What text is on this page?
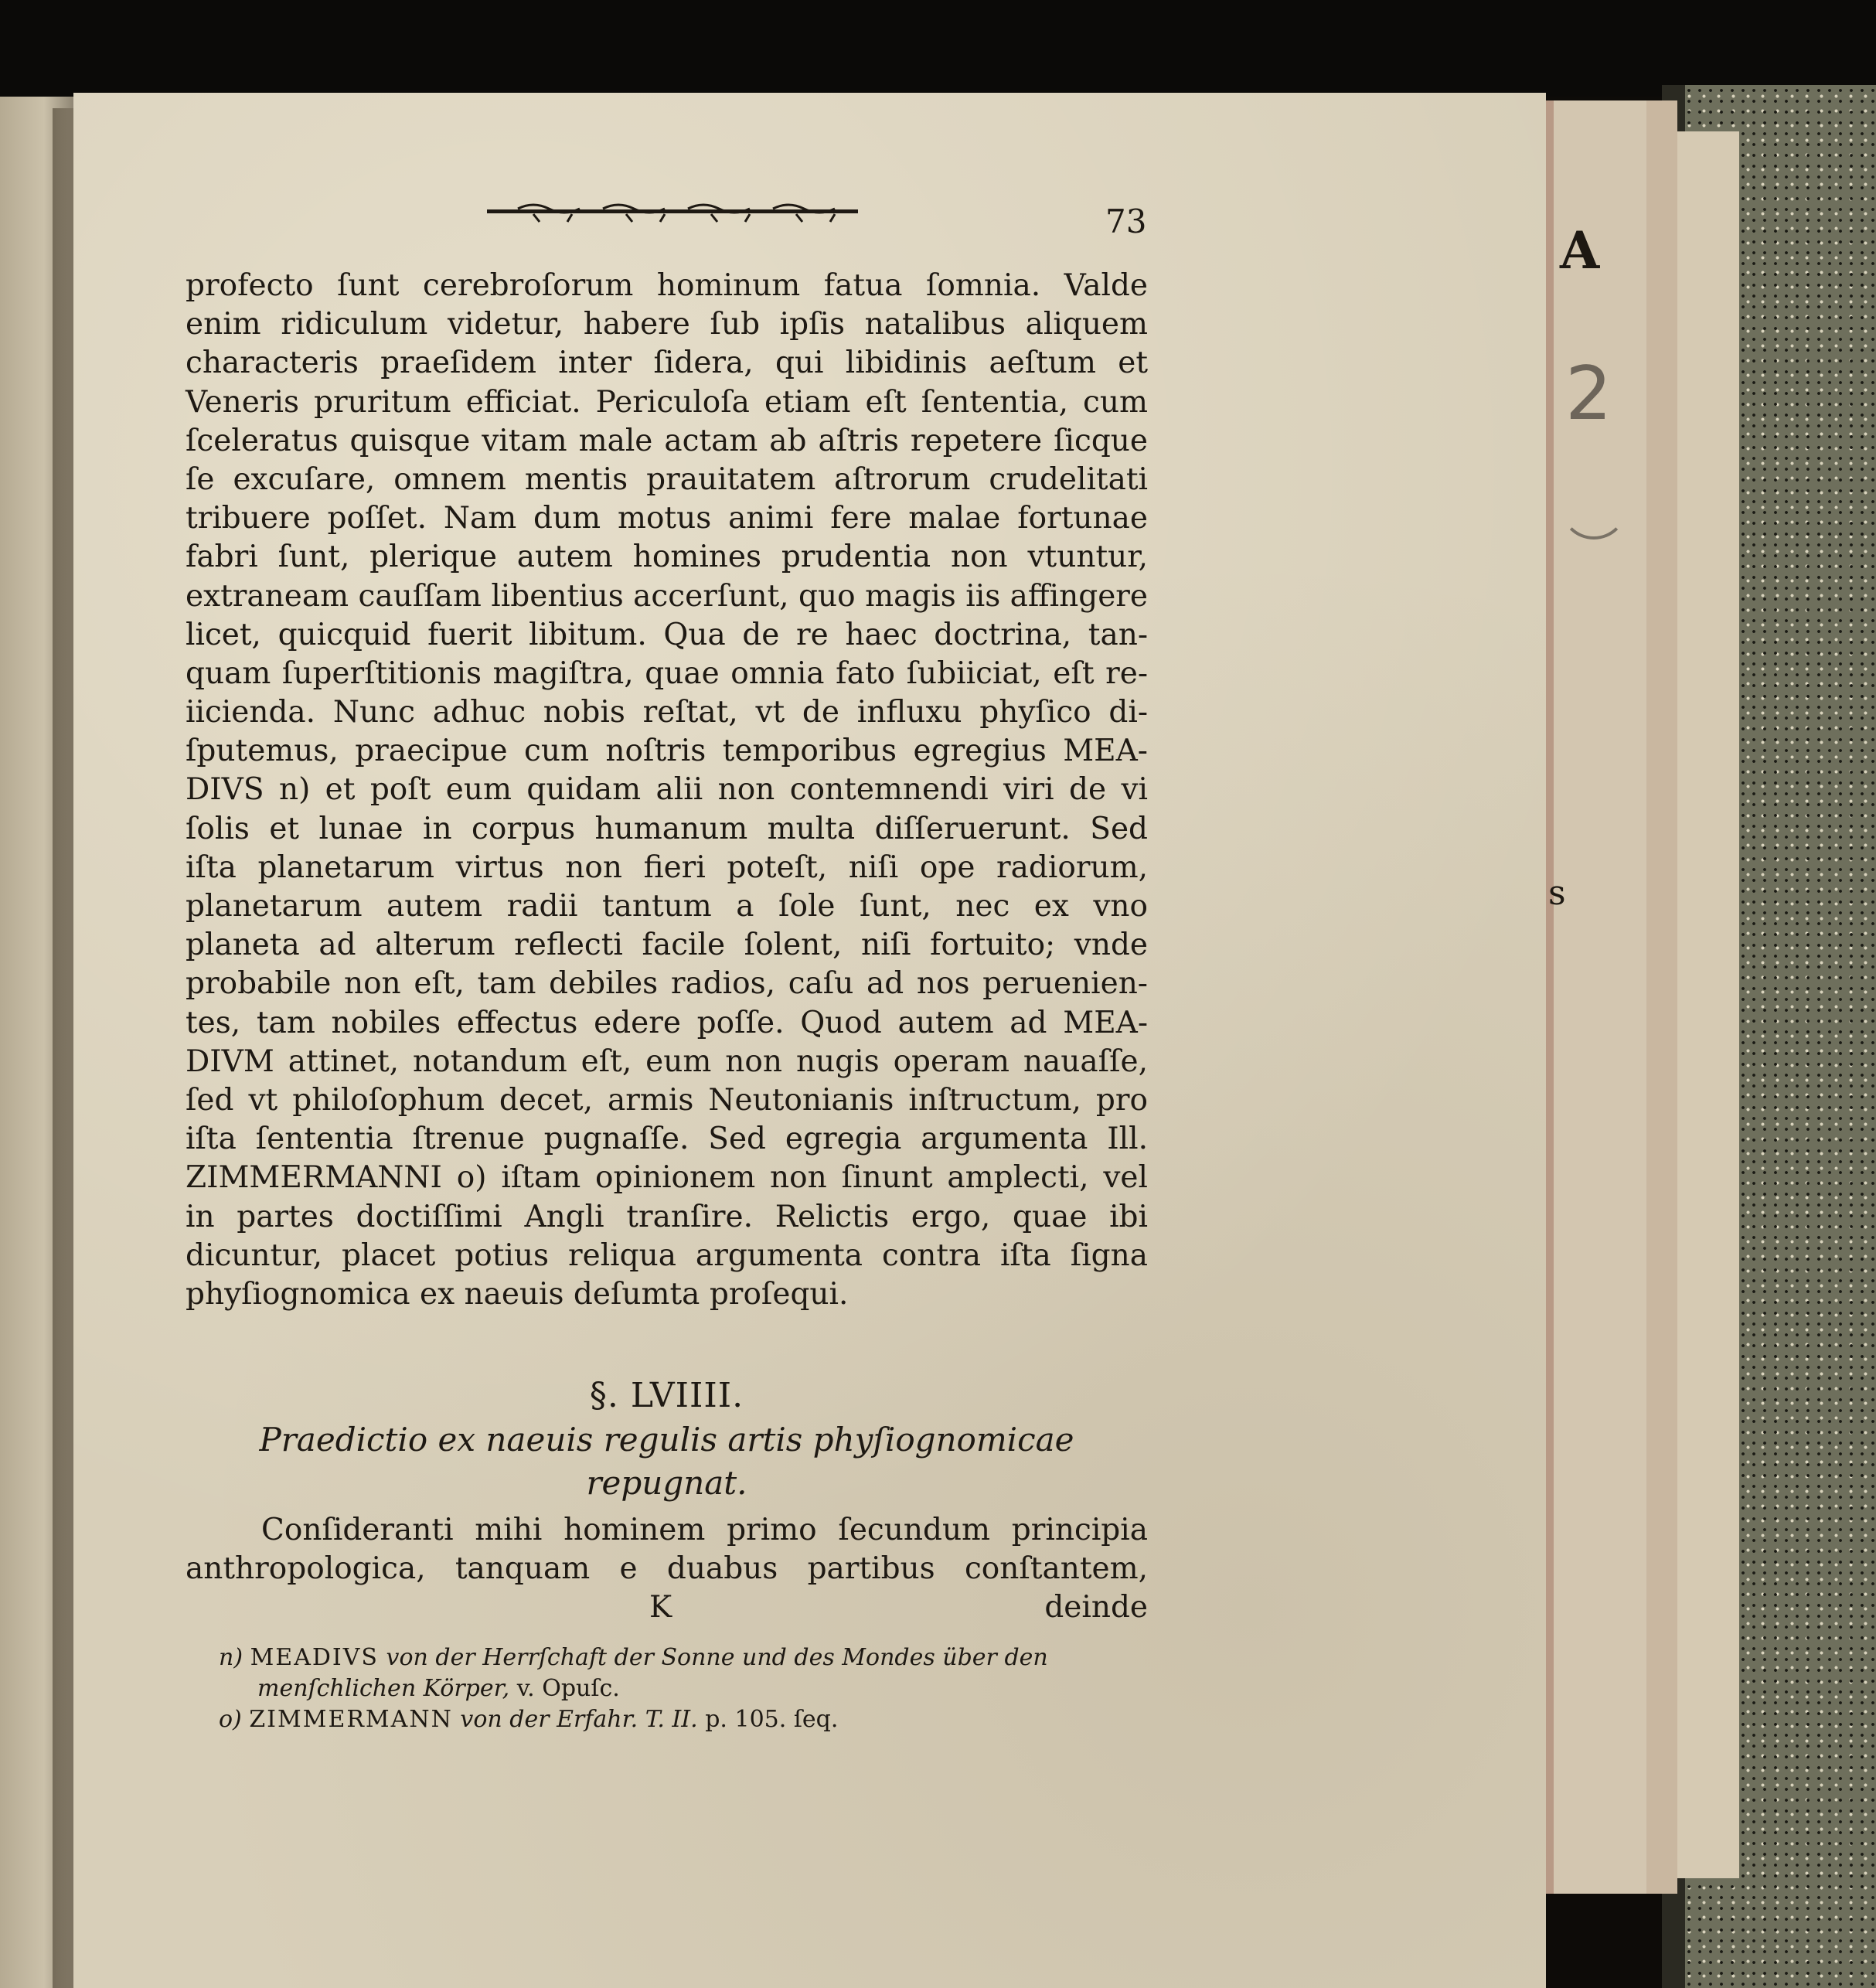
A
2
s
73
profecto ſunt cerebroſorum hominum fatua ſomnia. Valde
enim ridiculum videtur, habere ſub ipſis natalibus aliquem
characteris praeſidem inter ſidera, qui libidinis aeſtum et
Veneris pruritum efficiat. Periculoſa etiam eſt ſententia, cum
ſceleratus quisque vitam male actam ab aſtris repetere ſicque
ſe excuſare, omnem mentis prauitatem aſtrorum crudelitati
tribuere poſſet. Nam dum motus animi fere malae fortunae
fabri ſunt, plerique autem homines prudentia non vtuntur,
extraneam cauſſam libentius accerſunt, quo magis iis affingere
licet, quicquid fuerit libitum. Qua de re haec doctrina, tan-
quam ſuperſtitionis magiſtra, quae omnia fato ſubiiciat, eſt re-
iicienda. Nunc adhuc nobis reſtat, vt de influxu phyſico di-
ſputemus, praecipue cum noſtris temporibus egregius MEA-
DIVS n) et poſt eum quidam alii non contemnendi viri de vi
ſolis et lunae in corpus humanum multa diſſeruerunt. Sed
iſta planetarum virtus non fieri poteſt, niſi ope radiorum,
planetarum autem radii tantum a ſole ſunt, nec ex vno
planeta ad alterum reflecti facile ſolent, niſi fortuito; vnde
probabile non eſt, tam debiles radios, caſu ad nos peruenien-
tes, tam nobiles effectus edere poſſe. Quod autem ad MEA-
DIVM attinet, notandum eſt, eum non nugis operam nauaſſe,
ſed vt philoſophum decet, armis Neutonianis inſtructum, pro
iſta ſententia ſtrenue pugnaſſe. Sed egregia argumenta Ill.
ZIMMERMANNI o) iſtam opinionem non ſinunt amplecti, vel
in partes doctiſſimi Angli tranſire. Relictis ergo, quae ibi
dicuntur, placet potius reliqua argumenta contra iſta ſigna
phyſiognomica ex naeuis deſumta proſequi.
§. LVIIII.
Praedictio ex naeuis regulis artis phyſiognomicae
repugnat.
Conſideranti mihi hominem primo ſecundum principia
anthropologica, tanquam e duabus partibus conſtantem,
K	deinde
n) MEADIVS von der Herrſchaft der Sonne und des Mondes über den
menſchlichen Körper, v. Opuſc.
o) ZIMMERMANN von der Erfahr. T. II. p. 105. ſeq.
